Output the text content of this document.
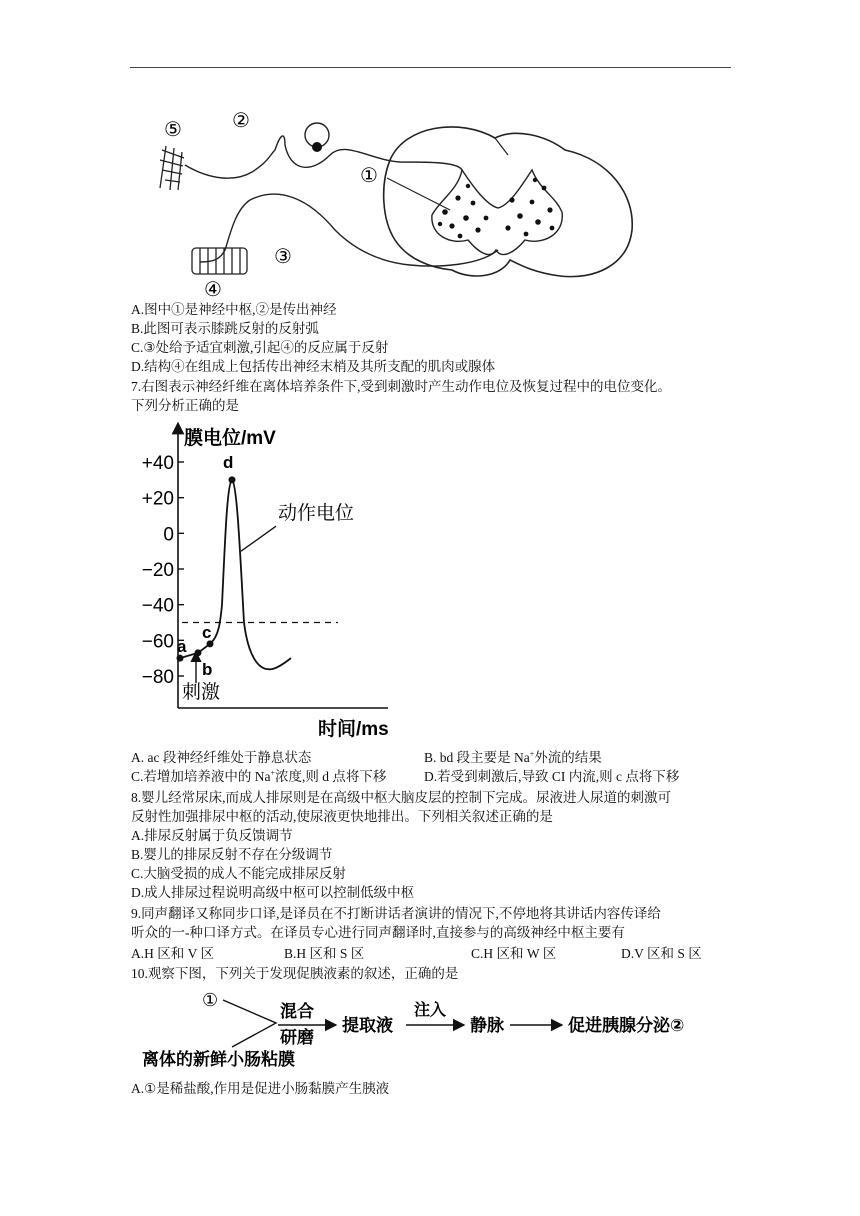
⑤	②
①
③
④
A.图中①是神经中枢,②是传出神经
B.此图可表示膝跳反射的反射弧
C.③处给予适宜刺激,引起④的反应属于反射
D.结构④在组成上包括传出神经末梢及其所支配的肌肉或腺体
7.右图表示神经纤维在离体培养条件下,受到刺激时产生动作电位及恢复过程中的电位变化。
下列分析正确的是
+40
+20
0
−20
−40
−60
−80
膜电位/mV
时间/ms
动作电位
a
b
c
d
刺激
A. ac 段神经纤维处于静息状态	B. bd 段主要是 Na+外流的结果
C.若增加培养液中的 Na+浓度,则 d 点将下移	D.若受到刺激后,导致 CI 内流,则 c 点将下移
8.婴儿经常尿床,而成人排尿则是在高级中枢大脑皮层的控制下完成。尿液进人尿道的刺激可
反射性加强排尿中枢的活动,使尿液更快地排出。下列相关叙述正确的是
A.排尿反射属于负反馈调节
B.婴儿的排尿反射不存在分级调节
C.大脑受损的成人不能完成排尿反射
D.成人排尿过程说明高级中枢可以控制低级中枢
9.同声翻译又称同步口译,是译员在不打断讲话者演讲的情况下,不停地将其讲话内容传译给
听众的一-种口译方式。在译员专心进行同声翻译时,直接参与的高级神经中枢主要有
A.H 区和 V 区	B.H 区和 S 区	C.H 区和 W 区	D.V 区和 S 区
10.观察下图，下列关于发现促胰液素的叙述，正确的是
①
离体的新鲜小肠粘膜
混合
研磨
提取液
注入
静脉	促进胰腺分泌②
A.①是稀盐酸,作用是促进小肠黏膜产生胰液
